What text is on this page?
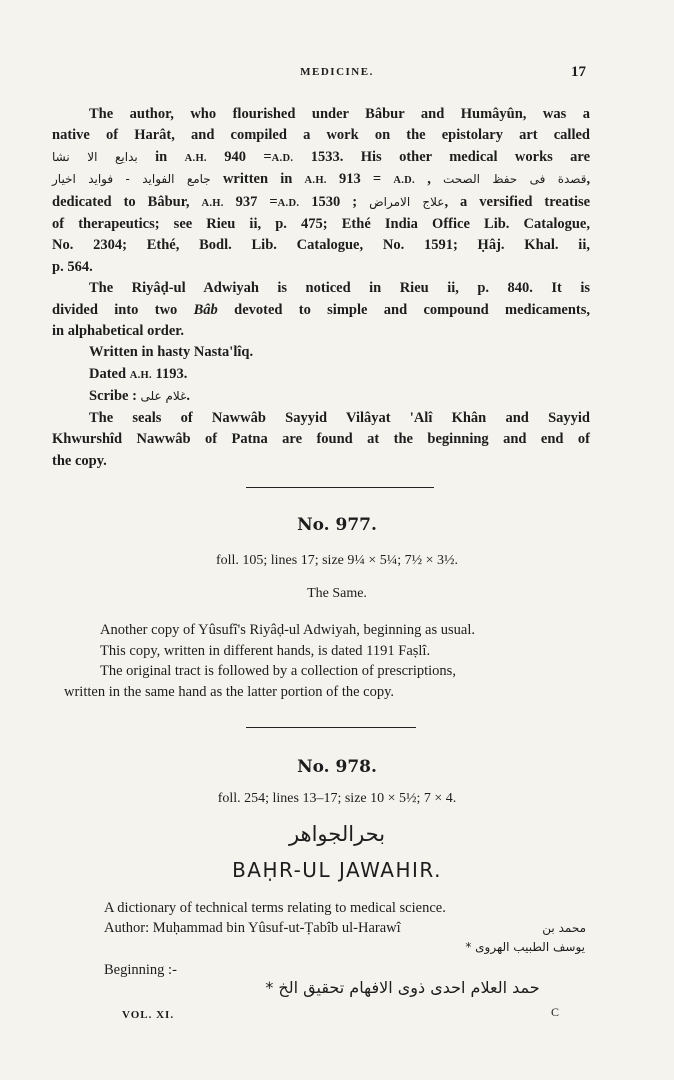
MEDICINE.	17

The author, who flourished under Bâbur and Humâyûn, was a

native of Harât, and compiled a work on the epistolary art called

بدايع الا نشا in A.H. 940 =A.D. 1533. His other medical works are

جامع الفوايد - فوايد اخيار written in A.H. 913 = A.D. , قصدة فى حفظ الصحت,

dedicated to Bâbur, A.H. 937 =A.D. 1530 ; علاج الامراض, a versified treatise

of therapeutics; see Rieu ii, p. 475; Ethé India Office Lib. Catalogue,

No. 2304; Ethé, Bodl. Lib. Catalogue, No. 1591; Ḥâj. Khal. ii,

p. 564.

The Riyâḍ-ul Adwiyah is noticed in Rieu ii, p. 840. It is

divided into two Bâb devoted to simple and compound medicaments,

in alphabetical order.

Written in hasty Nasta'lîq.

Dated A.H. 1193.

Scribe : غلام على.

The seals of Nawwâb Sayyid Vilâyat 'Alî Khân and Sayyid

Khwurshîd Nawwâb of Patna are found at the beginning and end of

the copy.

No. 977.
foll. 105; lines 17; size 9¼ × 5¼; 7½ × 3½.
The Same.

Another copy of Yûsufî's Riyâḍ-ul Adwiyah, beginning as usual.

This copy, written in different hands, is dated 1191 Faṣlî.

The original tract is followed by a collection of prescriptions,

written in the same hand as the latter portion of the copy.

No. 978.
foll. 254; lines 13–17; size 10 × 5½; 7 × 4.
بحرالجواهر
BAḤR-UL JAWAHIR.
A dictionary of technical terms relating to medical science.
Author: Muḥammad bin Yûsuf-ut-Ṭabîb ul-Harawî	محمد بن
يوسف الطبيب الهروى *
Beginning :-
حمد العلام احدى ذوى الافهام تحقيق الخ *
VOL. XI.	C
